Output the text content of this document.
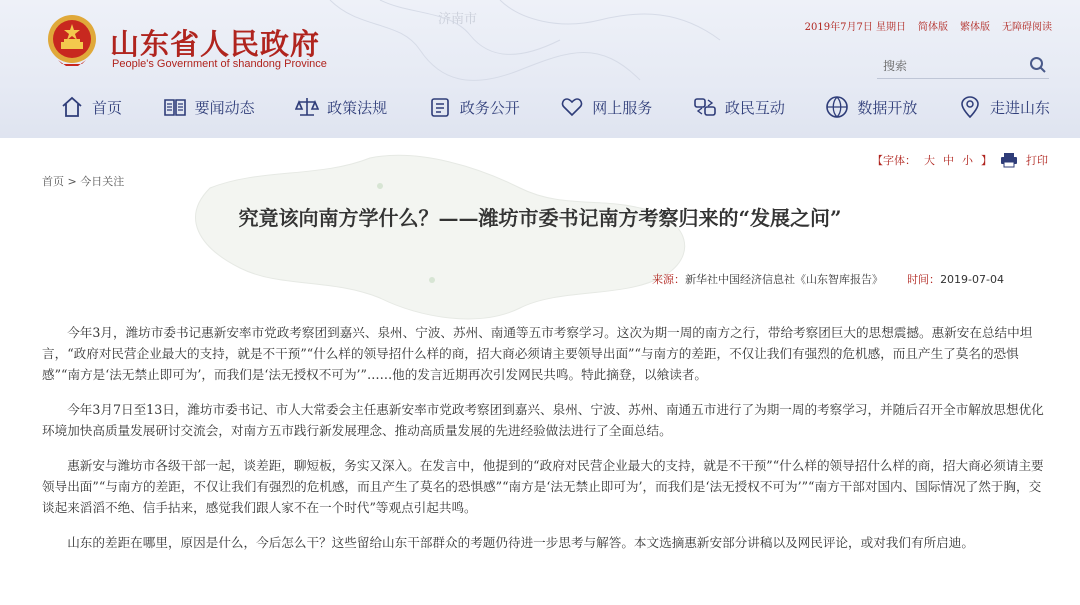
山东省人民政府
People's Government of shandong Province
济南市
2019年7月7日 星期日 简体版 繁体版 无障碍阅读
搜索
首页	要闻动态	政策法规	政务公开	网上服务	政民互动	数据开放	走进山东
首页 > 今日关注
【字体： 大 中 小 】	打印
究竟该向南方学什么？——潍坊市委书记南方考察归来的“发展之问”
来源：新华社中国经济信息社《山东智库报告》 时间：2019-07-04

今年3月，潍坊市委书记惠新安率市党政考察团到嘉兴、泉州、宁波、苏州、南通等五市考察学习。这次为期一周的南方之行，带给考察团巨大的思想震撼。惠新安在总结中坦言，“政府对民营企业最大的支持，就是不干预”“什么样的领导招什么样的商，招大商必须请主要领导出面”“与南方的差距，不仅让我们有强烈的危机感，而且产生了莫名的恐惧感”“南方是‘法无禁止即可为’，而我们是‘法无授权不可为’”……他的发言近期再次引发网民共鸣。特此摘登，以飨读者。

今年3月7日至13日，潍坊市委书记、市人大常委会主任惠新安率市党政考察团到嘉兴、泉州、宁波、苏州、南通五市进行了为期一周的考察学习，并随后召开全市解放思想优化环境加快高质量发展研讨交流会，对南方五市践行新发展理念、推动高质量发展的先进经验做法进行了全面总结。

惠新安与潍坊市各级干部一起，谈差距，聊短板，务实又深入。在发言中，他提到的“政府对民营企业最大的支持，就是不干预”“什么样的领导招什么样的商，招大商必须请主要领导出面”“与南方的差距，不仅让我们有强烈的危机感，而且产生了莫名的恐惧感”“南方是‘法无禁止即可为’，而我们是‘法无授权不可为’”“南方干部对国内、国际情况了然于胸，交谈起来滔滔不绝、信手拈来，感觉我们跟人家不在一个时代”等观点引起共鸣。

山东的差距在哪里，原因是什么，今后怎么干？这些留给山东干部群众的考题仍待进一步思考与解答。本文选摘惠新安部分讲稿以及网民评论，或对我们有所启迪。
